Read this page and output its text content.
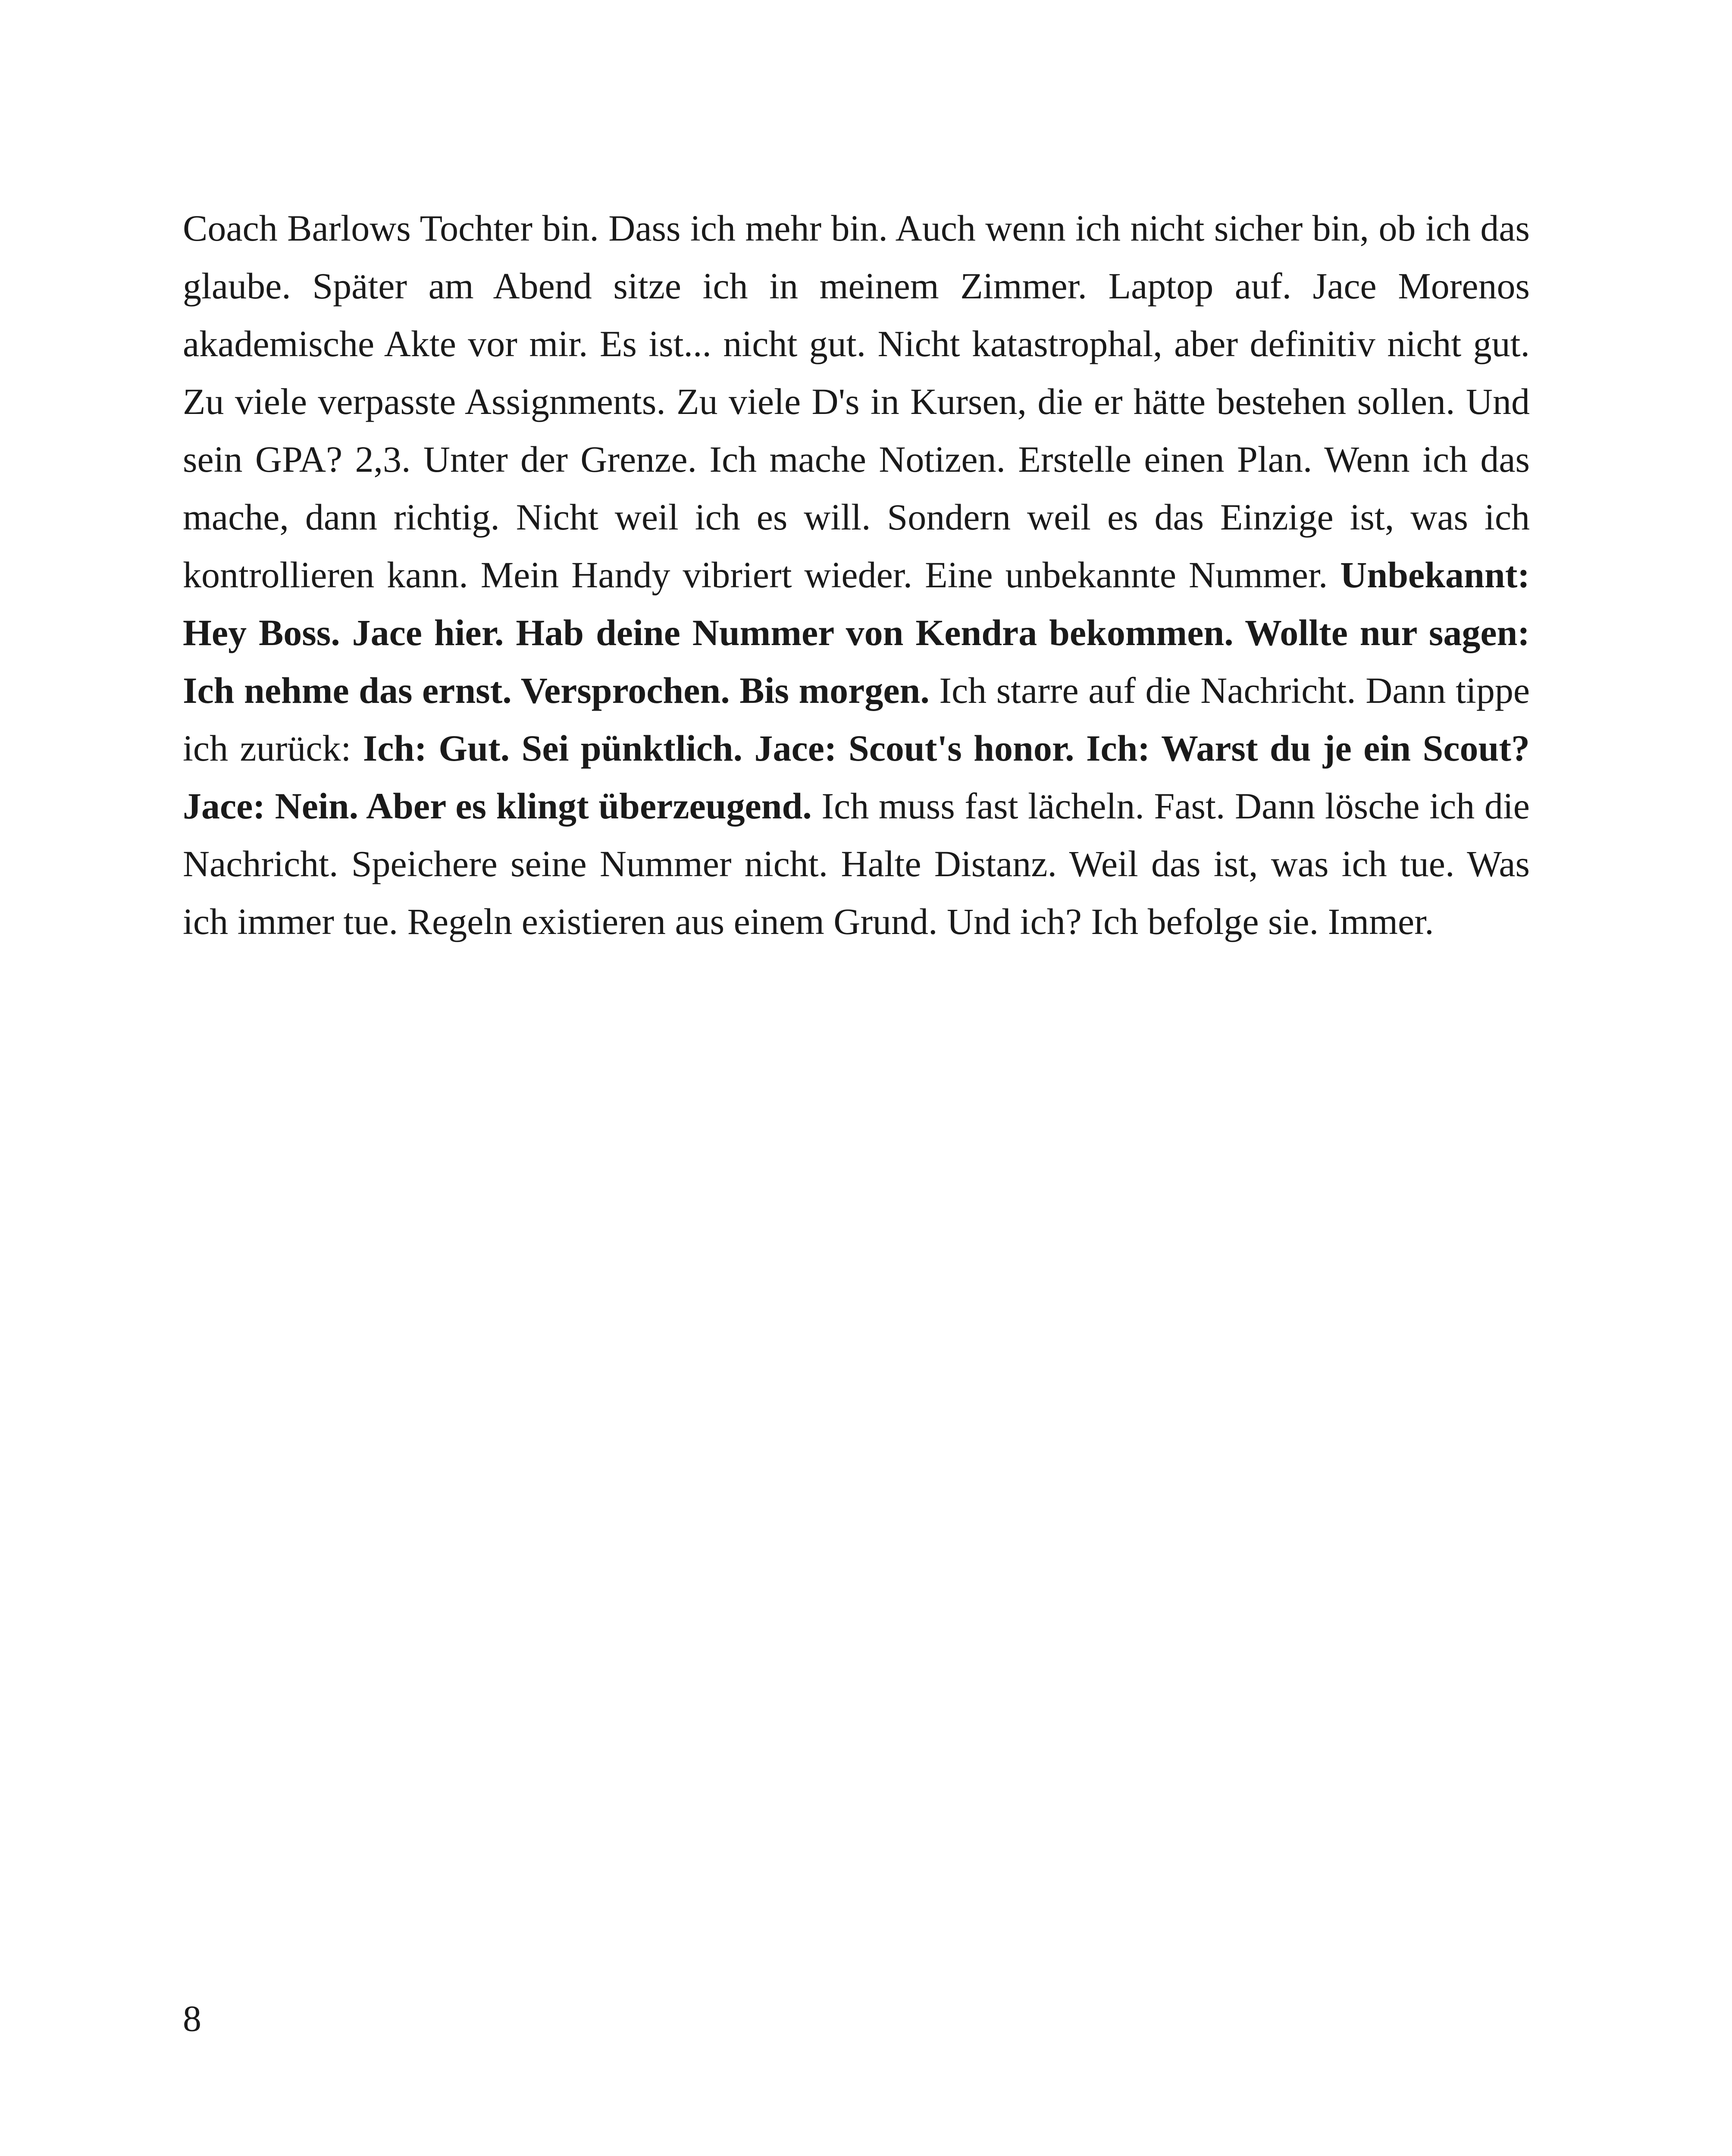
Coach Barlows Tochter bin. Dass ich mehr bin. Auch wenn ich nicht sicher bin, ob ich das glaube. Später am Abend sitze ich in meinem Zimmer. Laptop auf. Jace Morenos akademische Akte vor mir. Es ist... nicht gut. Nicht katastrophal, aber definitiv nicht gut. Zu viele verpasste Assignments. Zu viele D's in Kursen, die er hätte bestehen sollen. Und sein GPA? 2,3. Unter der Grenze. Ich mache Notizen. Erstelle einen Plan. Wenn ich das mache, dann richtig. Nicht weil ich es will. Sondern weil es das Einzige ist, was ich kontrollieren kann. Mein Handy vibriert wieder. Eine unbekannte Nummer. Unbekannt: Hey Boss. Jace hier. Hab deine Nummer von Kendra bekommen. Wollte nur sagen: Ich nehme das ernst. Versprochen. Bis morgen. Ich starre auf die Nachricht. Dann tippe ich zurück: Ich: Gut. Sei pünktlich. Jace: Scout's honor. Ich: Warst du je ein Scout? Jace: Nein. Aber es klingt überzeugend. Ich muss fast lächeln. Fast. Dann lösche ich die Nachricht. Speichere seine Nummer nicht. Halte Distanz. Weil das ist, was ich tue. Was ich immer tue. Regeln existieren aus einem Grund. Und ich? Ich befolge sie. Immer.

8
